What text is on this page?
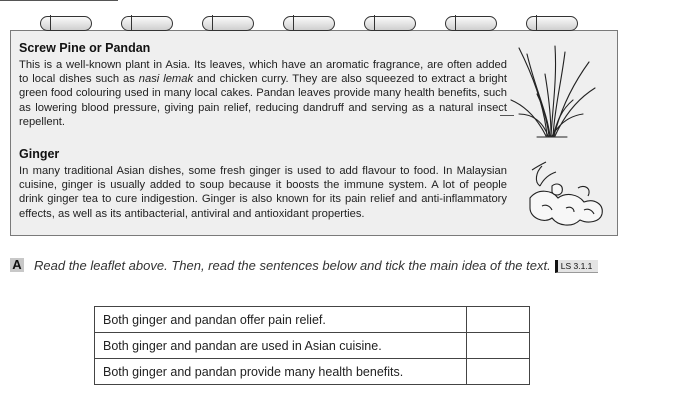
Screw Pine or Pandan
This is a well-known plant in Asia. Its leaves, which have an aromatic fragrance, are often added to local dishes such as nasi lemak and chicken curry. They are also squeezed to extract a bright green food colouring used in many local cakes. Pandan leaves provide many health benefits, such as lowering blood pressure, giving pain relief, reducing dandruff and serving as a natural insect repellent.
Ginger
In many traditional Asian dishes, some fresh ginger is used to add flavour to food. In Malaysian cuisine, ginger is usually added to soup because it boosts the immune system. A lot of people drink ginger tea to cure indigestion. Ginger is also known for its pain relief and anti-inflammatory effects, as well as its antibacterial, antiviral and antioxidant properties.
A Read the leaflet above. Then, read the sentences below and tick the main idea of the text. LS 3.1.1
Both ginger and pandan offer pain relief.	
Both ginger and pandan are used in Asian cuisine.	
Both ginger and pandan provide many health benefits.	
